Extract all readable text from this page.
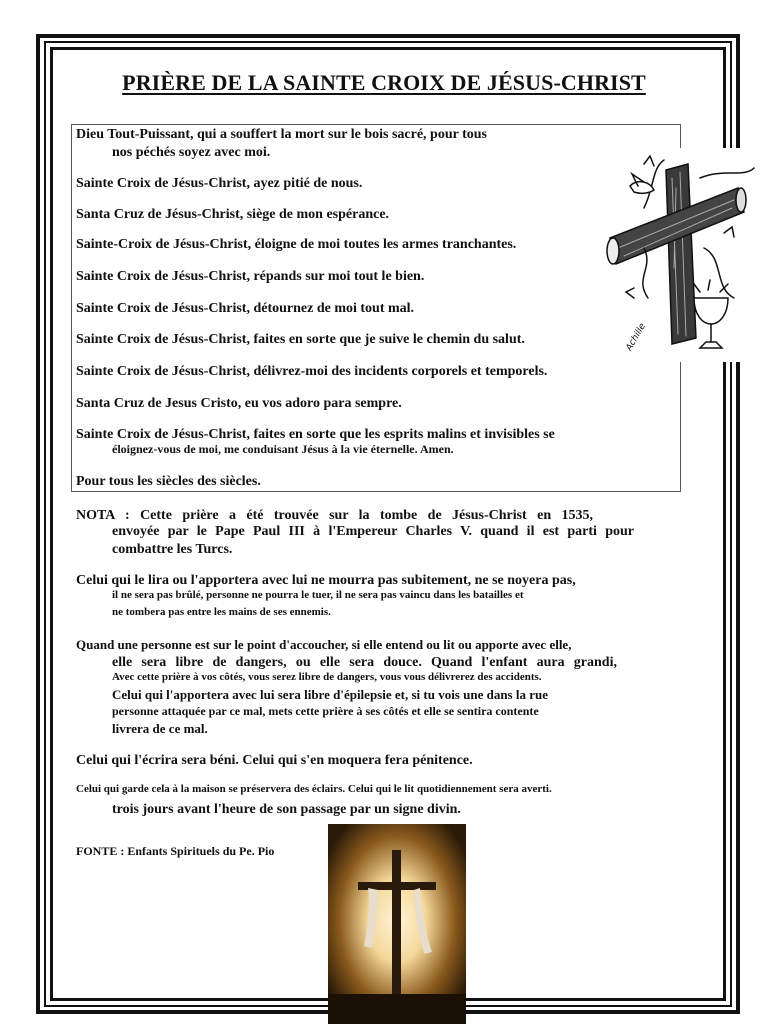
PRIÈRE DE LA SAINTE CROIX DE JÉSUS-CHRIST
Dieu Tout-Puissant, qui a souffert la mort sur le bois sacré, pour tous
nos péchés soyez avec moi.
Sainte Croix de Jésus-Christ, ayez pitié de nous.
Santa Cruz de Jésus-Christ, siège de mon espérance.
Sainte-Croix de Jésus-Christ, éloigne de moi toutes les armes tranchantes.
Sainte Croix de Jésus-Christ, répands sur moi tout le bien.
Sainte Croix de Jésus-Christ, détournez de moi tout mal.
Sainte Croix de Jésus-Christ, faites en sorte que je suive le chemin du salut.
Sainte Croix de Jésus-Christ, délivrez-moi des incidents corporels et temporels.
Santa Cruz de Jesus Cristo, eu vos adoro para sempre.
Sainte Croix de Jésus-Christ, faites en sorte que les esprits malins et invisibles se
éloignez-vous de moi, me conduisant Jésus à la vie éternelle. Amen.
Pour tous les siècles des siècles.
NOTA : Cette prière a été trouvée sur la tombe de Jésus-Christ en 1535,
envoyée par le Pape Paul III à l'Empereur Charles V. quand il est parti pour
combattre les Turcs.
Celui qui le lira ou l'apportera avec lui ne mourra pas subitement, ne se noyera pas,
il ne sera pas brûlé, personne ne pourra le tuer, il ne sera pas vaincu dans les batailles et
ne tombera pas entre les mains de ses ennemis.
Quand une personne est sur le point d'accoucher, si elle entend ou lit ou apporte avec elle,
elle sera libre de dangers, ou elle sera douce. Quand l'enfant aura grandi,
Avec cette prière à vos côtés, vous serez libre de dangers, vous vous délivrerez des accidents.
Celui qui l'apportera avec lui sera libre d'épilepsie et, si tu vois une dans la rue
personne attaquée par ce mal, mets cette prière à ses côtés et elle se sentira contente
livrera de ce mal.
Celui qui l'écrira sera béni. Celui qui s'en moquera fera pénitence.
Celui qui garde cela à la maison se préservera des éclairs. Celui qui le lit quotidiennement sera averti.
trois jours avant l'heure de son passage par un signe divin.
FONTE : Enfants Spirituels du Pe. Pio
Achille
